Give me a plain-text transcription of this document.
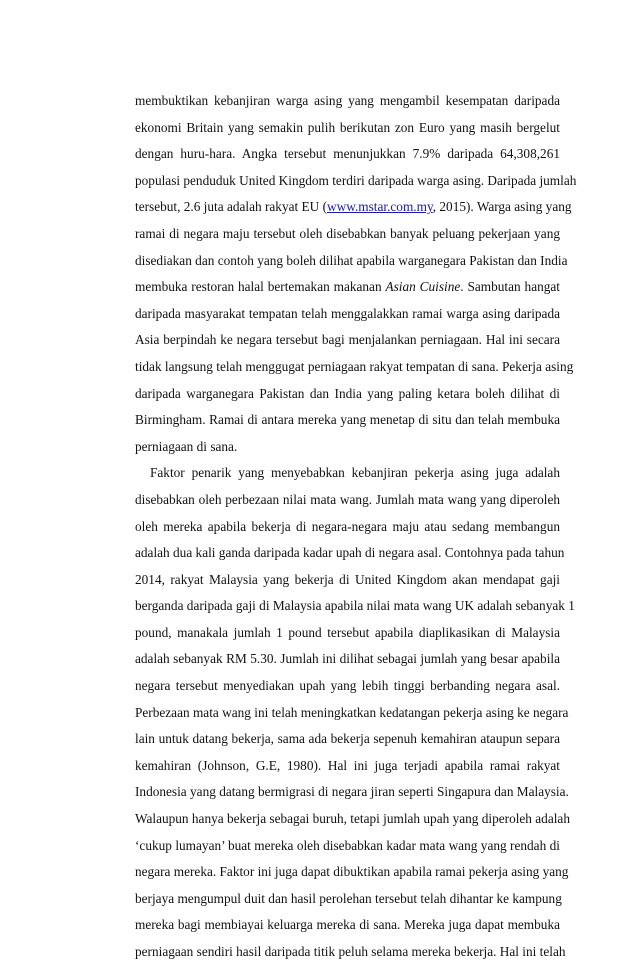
membuktikan kebanjiran warga asing yang mengambil kesempatan daripada
ekonomi Britain yang semakin pulih berikutan zon Euro yang masih bergelut
dengan huru-hara. Angka tersebut menunjukkan 7.9% daripada 64,308,261
populasi penduduk United Kingdom terdiri daripada warga asing. Daripada jumlah
tersebut, 2.6 juta adalah rakyat EU (www.mstar.com.my, 2015). Warga asing yang
ramai di negara maju tersebut oleh disebabkan banyak peluang pekerjaan yang
disediakan dan contoh yang boleh dilihat apabila warganegara Pakistan dan India
membuka restoran halal bertemakan makanan Asian Cuisine. Sambutan hangat
daripada masyarakat tempatan telah menggalakkan ramai warga asing daripada
Asia berpindah ke negara tersebut bagi menjalankan perniagaan. Hal ini secara
tidak langsung telah menggugat perniagaan rakyat tempatan di sana. Pekerja asing
daripada warganegara Pakistan dan India yang paling ketara boleh dilihat di
Birmingham. Ramai di antara mereka yang menetap di situ dan telah membuka
perniagaan di sana.
Faktor penarik yang menyebabkan kebanjiran pekerja asing juga adalah
disebabkan oleh perbezaan nilai mata wang. Jumlah mata wang yang diperoleh
oleh mereka apabila bekerja di negara-negara maju atau sedang membangun
adalah dua kali ganda daripada kadar upah di negara asal. Contohnya pada tahun
2014, rakyat Malaysia yang bekerja di United Kingdom akan mendapat gaji
berganda daripada gaji di Malaysia apabila nilai mata wang UK adalah sebanyak 1
pound, manakala jumlah 1 pound tersebut apabila diaplikasikan di Malaysia
adalah sebanyak RM 5.30. Jumlah ini dilihat sebagai jumlah yang besar apabila
negara tersebut menyediakan upah yang lebih tinggi berbanding negara asal.
Perbezaan mata wang ini telah meningkatkan kedatangan pekerja asing ke negara
lain untuk datang bekerja, sama ada bekerja sepenuh kemahiran ataupun separa
kemahiran (Johnson, G.E, 1980). Hal ini juga terjadi apabila ramai rakyat
Indonesia yang datang bermigrasi di negara jiran seperti Singapura dan Malaysia.
Walaupun hanya bekerja sebagai buruh, tetapi jumlah upah yang diperoleh adalah
‘cukup lumayan’ buat mereka oleh disebabkan kadar mata wang yang rendah di
negara mereka. Faktor ini juga dapat dibuktikan apabila ramai pekerja asing yang
berjaya mengumpul duit dan hasil perolehan tersebut telah dihantar ke kampung
mereka bagi membiayai keluarga mereka di sana. Mereka juga dapat membuka
perniagaan sendiri hasil daripada titik peluh selama mereka bekerja. Hal ini telah
